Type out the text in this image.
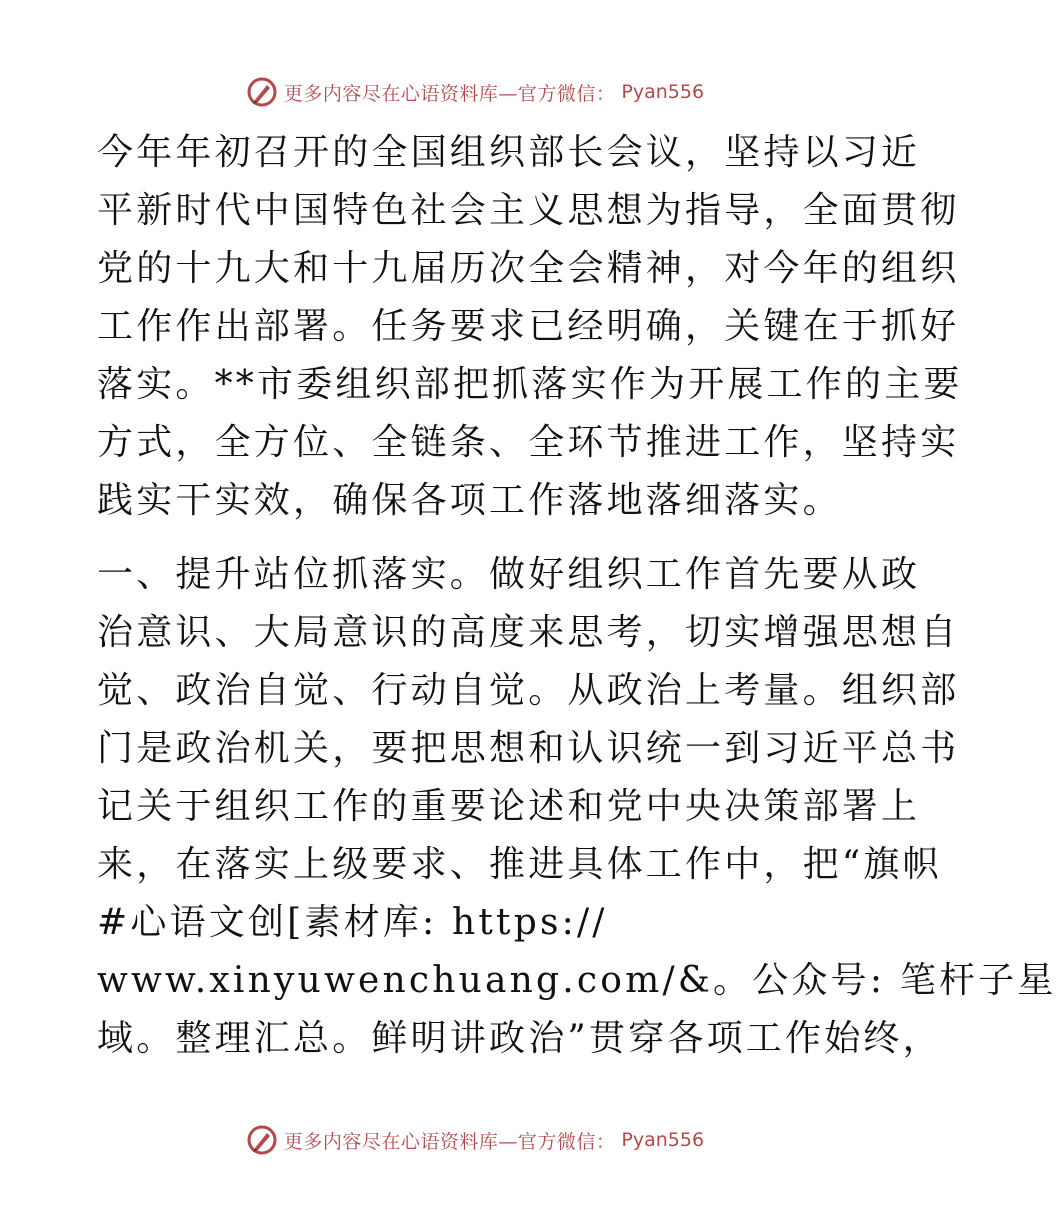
更多内容尽在心语资料库—官方微信： Pyan556

今年年初召开的全国组织部长会议，坚持以习近
平新时代中国特色社会主义思想为指导，全面贯彻
党的十九大和十九届历次全会精神，对今年的组织
工作作出部署。任务要求已经明确，关键在于抓好
落实。**市委组织部把抓落实作为开展工作的主要
方式，全方位、全链条、全环节推进工作，坚持实
践实干实效，确保各项工作落地落细落实。

一、提升站位抓落实。做好组织工作首先要从政
治意识、大局意识的高度来思考，切实增强思想自
觉、政治自觉、行动自觉。从政治上考量。组织部
门是政治机关，要把思想和认识统一到习近平总书
记关于组织工作的重要论述和党中央决策部署上
来，在落实上级要求、推进具体工作中，把“旗帜
#心语文创[素材库: https://
www.xinyuwenchuang.com/&。公众号: 笔杆子星
域。整理汇总。鲜明讲政治”贯穿各项工作始终，

更多内容尽在心语资料库—官方微信： Pyan556
